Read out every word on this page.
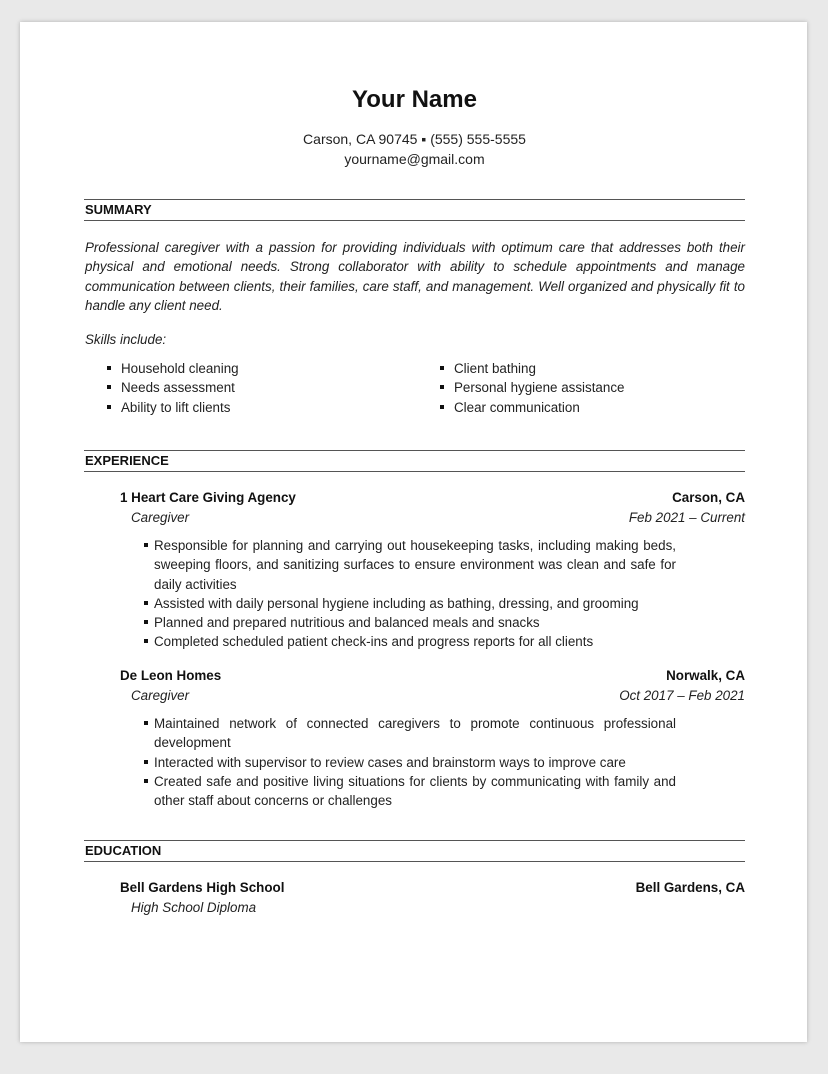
Your Name
Carson, CA 90745 ▪ (555) 555-5555
yourname@gmail.com
SUMMARY
Professional caregiver with a passion for providing individuals with optimum care that addresses both their physical and emotional needs. Strong collaborator with ability to schedule appointments and manage communication between clients, their families, care staff, and management. Well organized and physically fit to handle any client need.
Skills include:
Household cleaning
Needs assessment
Ability to lift clients
Client bathing
Personal hygiene assistance
Clear communication
EXPERIENCE
1 Heart Care Giving Agency	Carson, CA
Caregiver	Feb 2021 – Current
Responsible for planning and carrying out housekeeping tasks, including making beds, sweeping floors, and sanitizing surfaces to ensure environment was clean and safe for daily activities
Assisted with daily personal hygiene including as bathing, dressing, and grooming
Planned and prepared nutritious and balanced meals and snacks
Completed scheduled patient check-ins and progress reports for all clients
De Leon Homes	Norwalk, CA
Caregiver	Oct 2017 – Feb 2021
Maintained network of connected caregivers to promote continuous professional development
Interacted with supervisor to review cases and brainstorm ways to improve care
Created safe and positive living situations for clients by communicating with family and other staff about concerns or challenges
EDUCATION
Bell Gardens High School	Bell Gardens, CA
High School Diploma
